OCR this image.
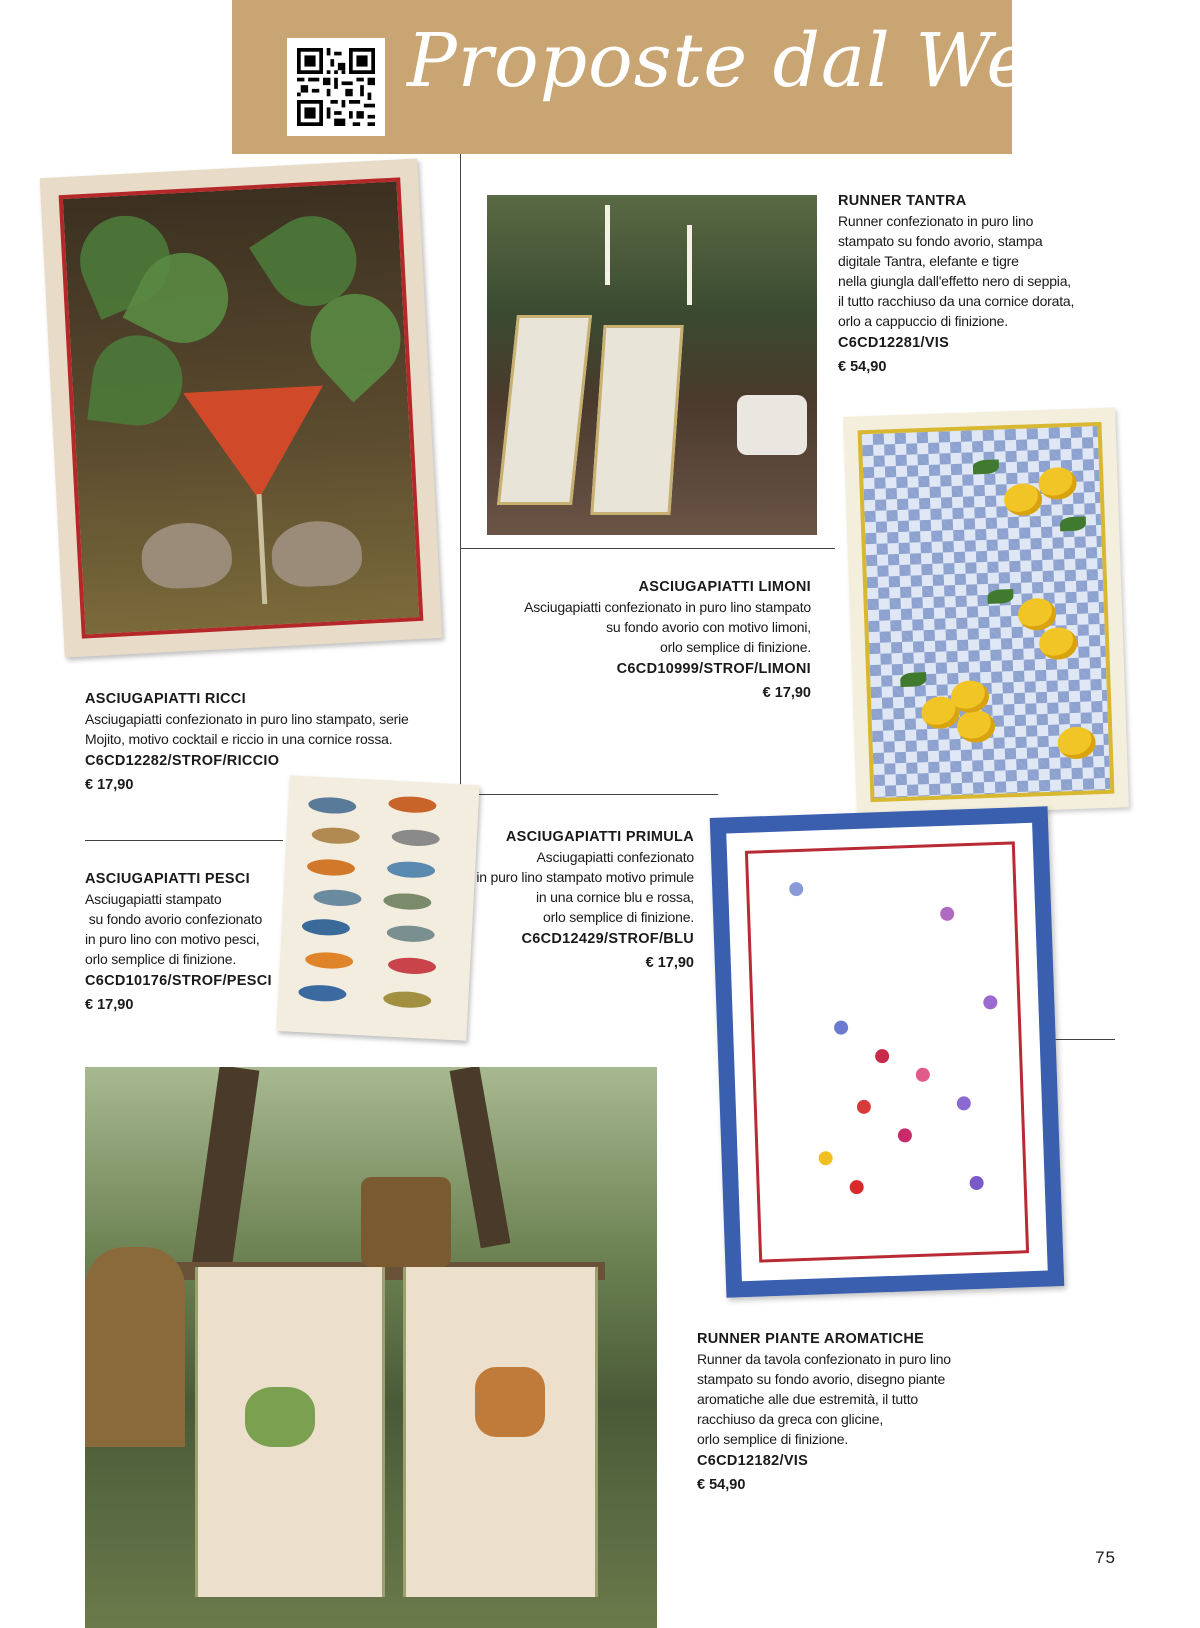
Proposte dal Web
RUNNER TANTRA
Runner confezionato in puro lino
stampato su fondo avorio, stampa
digitale Tantra, elefante e tigre
nella giungla dall'effetto nero di seppia,
il tutto racchiuso da una cornice dorata,
orlo a cappuccio di finizione.
C6CD12281/VIS
€ 54,90
ASCIUGAPIATTI RICCI
Asciugapiatti confezionato in puro lino stampato, serie
Mojito, motivo cocktail e riccio in una cornice rossa.
C6CD12282/STROF/RICCIO
€ 17,90
ASCIUGAPIATTI LIMONI
Asciugapiatti confezionato in puro lino stampato
su fondo avorio con motivo limoni,
orlo semplice di finizione.
C6CD10999/STROF/LIMONI
€ 17,90
ASCIUGAPIATTI PESCI
Asciugapiatti stampato
su fondo avorio confezionato
in puro lino con motivo pesci,
orlo semplice di finizione.
C6CD10176/STROF/PESCI
€ 17,90
ASCIUGAPIATTI PRIMULA
Asciugapiatti confezionato
in puro lino stampato motivo primule
in una cornice blu e rossa,
orlo semplice di finizione.
C6CD12429/STROF/BLU
€ 17,90
RUNNER PIANTE AROMATICHE
Runner da tavola confezionato in puro lino
stampato su fondo avorio, disegno piante
aromatiche alle due estremità, il tutto
racchiuso da greca con glicine,
orlo semplice di finizione.
C6CD12182/VIS
€ 54,90
75
